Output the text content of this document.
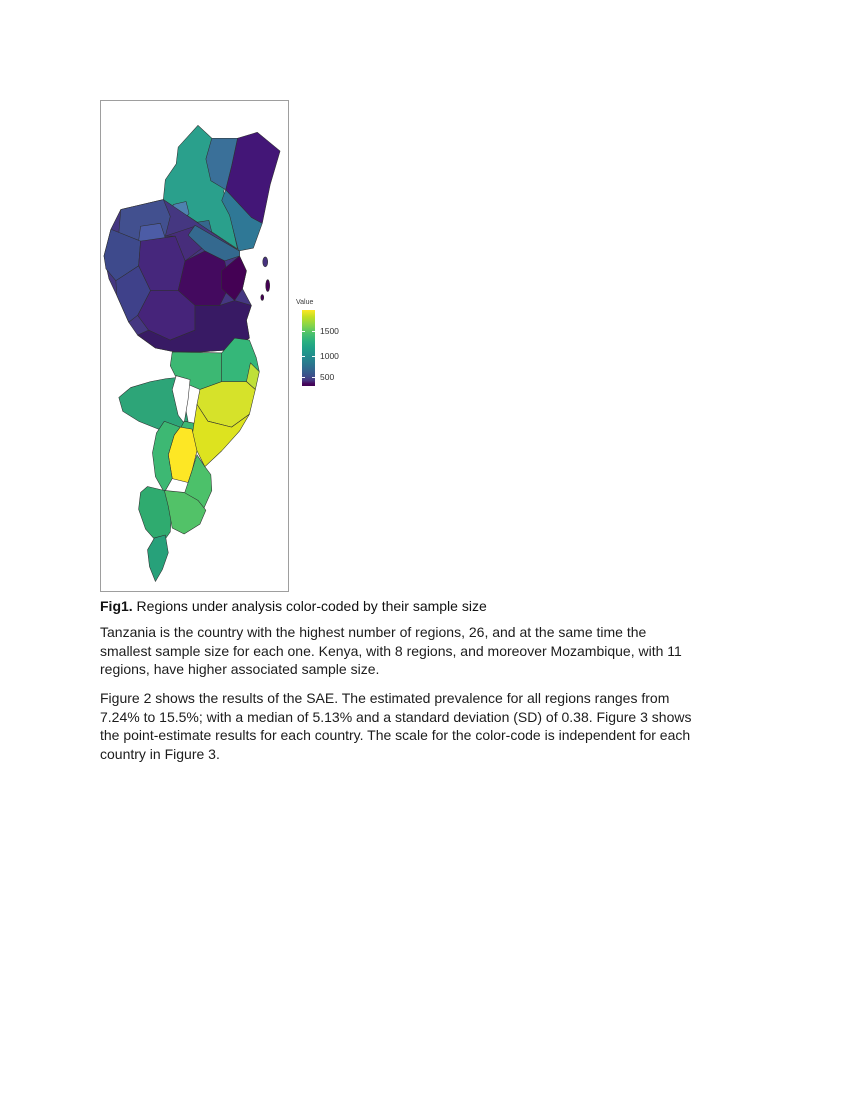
Value
1500
1000
500
Fig1. Regions under analysis color-coded by their sample size
Tanzania is the country with the highest number of regions, 26, and at the same time the
smallest sample size for each one. Kenya, with 8 regions, and moreover Mozambique, with 11
regions, have higher associated sample size.
Figure 2 shows the results of the SAE. The estimated prevalence for all regions ranges from
7.24% to 15.5%; with a median of 5.13% and a standard deviation (SD) of 0.38. Figure 3 shows
the point-estimate results for each country. The scale for the color-code is independent for each
country in Figure 3.
